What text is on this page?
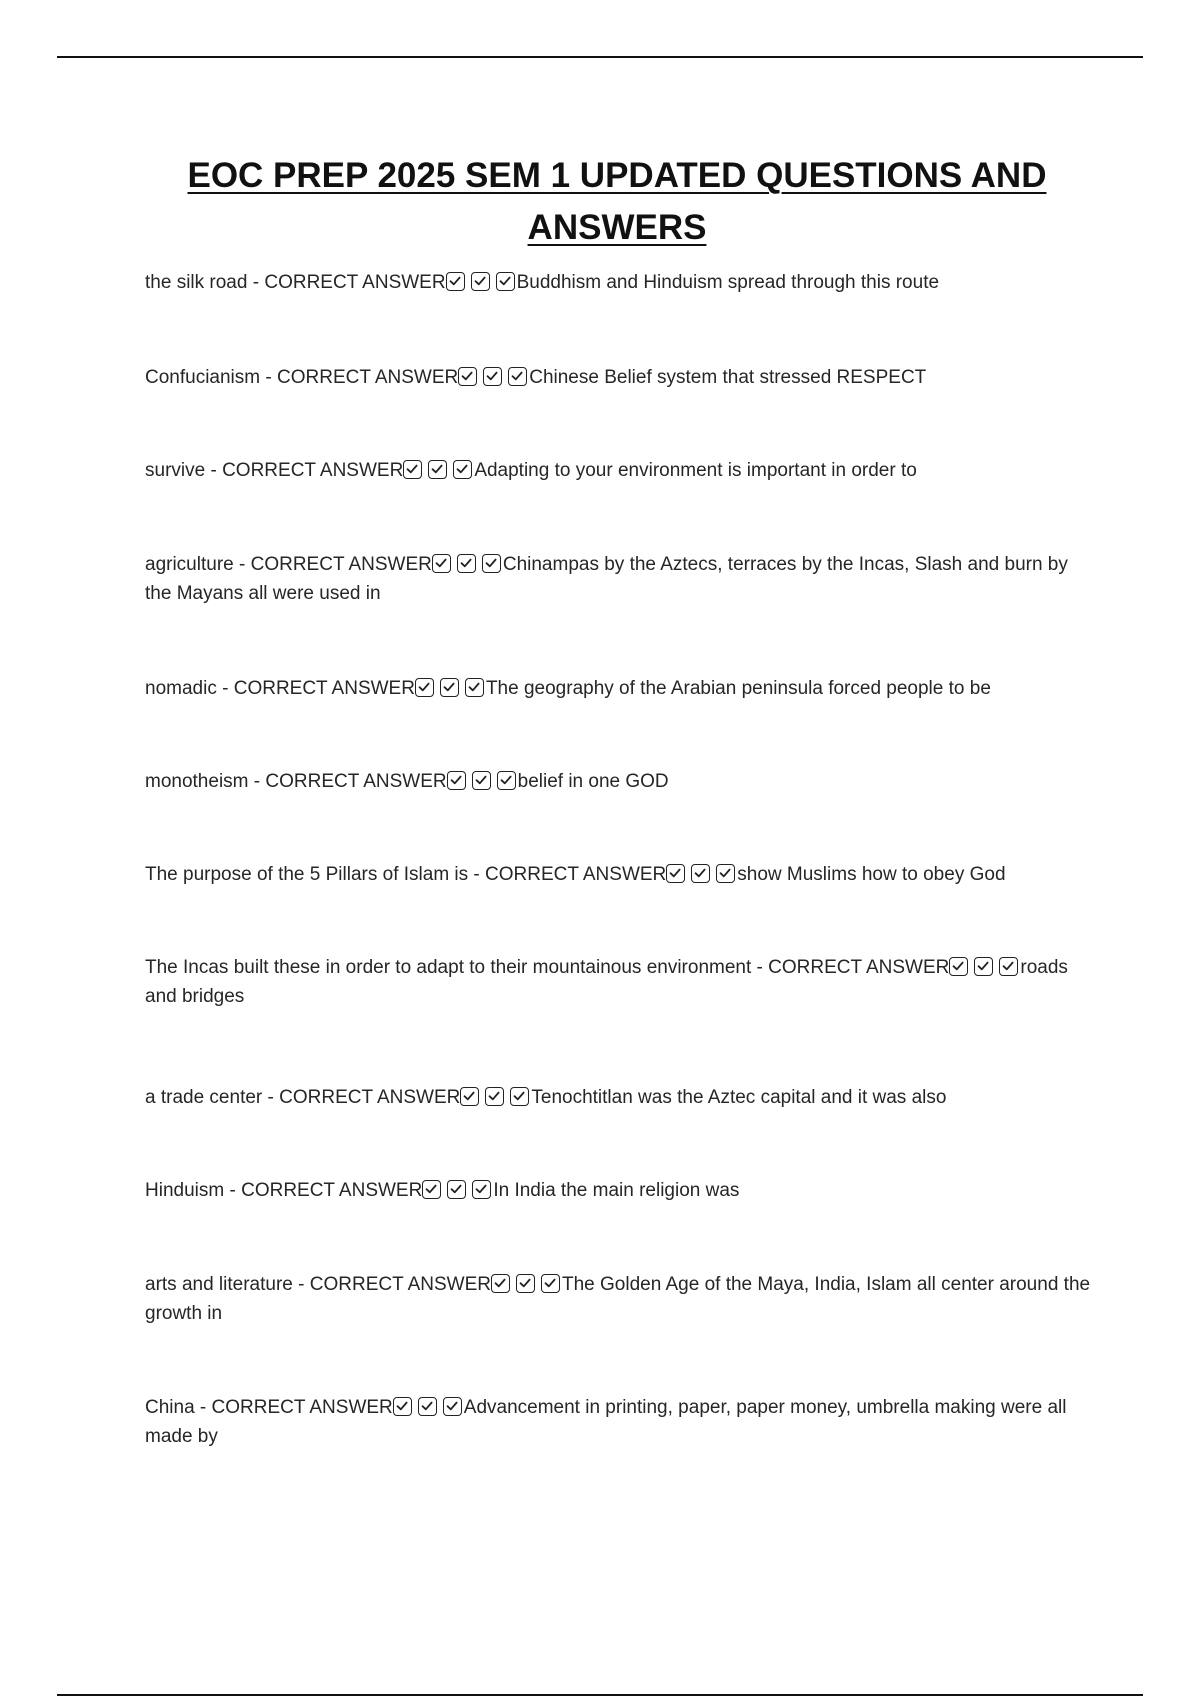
EOC PREP 2025 SEM 1 UPDATED QUESTIONS AND ANSWERS
the silk road - CORRECT ANSWER	Buddhism and Hinduism spread through this route
Confucianism - CORRECT ANSWER	Chinese Belief system that stressed RESPECT
survive - CORRECT ANSWER	Adapting to your environment is important in order to
agriculture - CORRECT ANSWER	Chinampas by the Aztecs, terraces by the Incas, Slash and burn by the Mayans all were used in
nomadic - CORRECT ANSWER	The geography of the Arabian peninsula forced people to be
monotheism - CORRECT ANSWER	belief in one GOD
The purpose of the 5 Pillars of Islam is - CORRECT ANSWER	show Muslims how to obey God
The Incas built these in order to adapt to their mountainous environment - CORRECT ANSWER	roads and bridges
a trade center - CORRECT ANSWER	Tenochtitlan was the Aztec capital and it was also
Hinduism - CORRECT ANSWER	In India the main religion was
arts and literature - CORRECT ANSWER	The Golden Age of the Maya, India, Islam all center around the growth in
China - CORRECT ANSWER	Advancement in printing, paper, paper money, umbrella making were all made by
